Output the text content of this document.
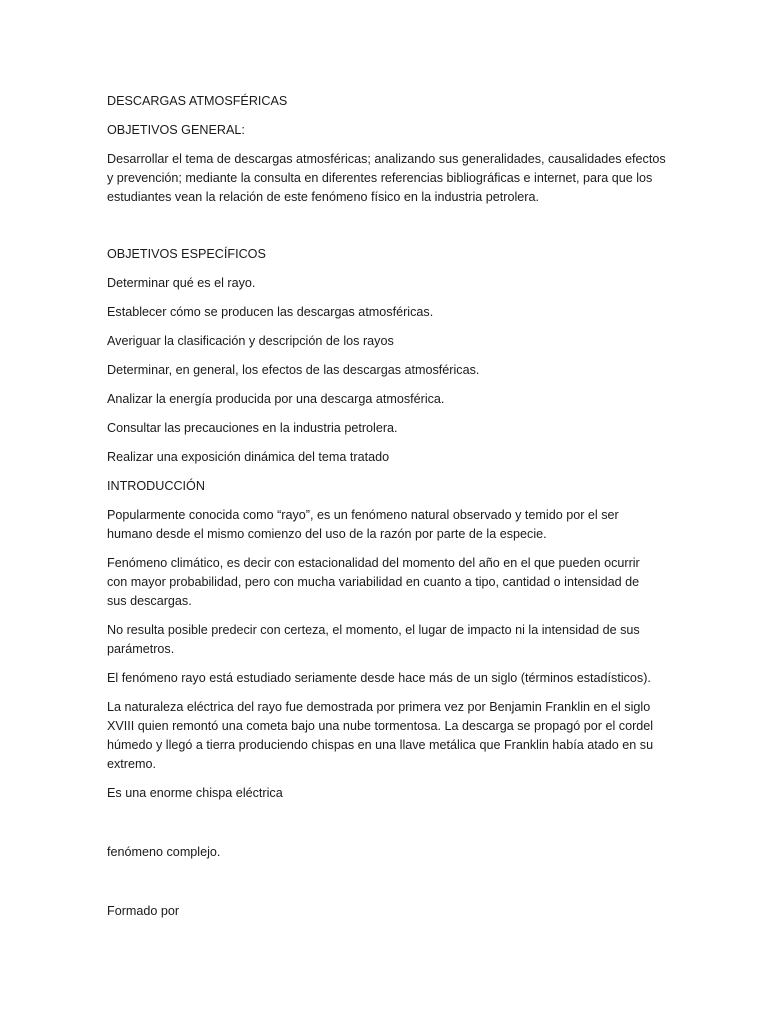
DESCARGAS ATMOSFÉRICAS

OBJETIVOS GENERAL:

Desarrollar el tema de descargas atmosféricas; analizando sus generalidades, causalidades efectos

y prevención; mediante la consulta en diferentes referencias bibliográficas e internet, para que los

estudiantes vean la relación de este fenómeno físico en la industria petrolera.

OBJETIVOS ESPECÍFICOS

Determinar qué es el rayo.

Establecer cómo se producen las descargas atmosféricas.

Averiguar la clasificación y descripción de los rayos

Determinar, en general, los efectos de las descargas atmosféricas.

Analizar la energía producida por una descarga atmosférica.

Consultar las precauciones en la industria petrolera.

Realizar una exposición dinámica del tema tratado

INTRODUCCIÓN

Popularmente conocida como “rayo”, es un fenómeno natural observado y temido por el ser

humano desde el mismo comienzo del uso de la razón por parte de la especie.

Fenómeno climático, es decir con estacionalidad del momento del año en el que pueden ocurrir

con mayor probabilidad, pero con mucha variabilidad en cuanto a tipo, cantidad o intensidad de

sus descargas.

No resulta posible predecir con certeza, el momento, el lugar de impacto ni la intensidad de sus

parámetros.

El fenómeno rayo está estudiado seriamente desde hace más de un siglo (términos estadísticos).

La naturaleza eléctrica del rayo fue demostrada por primera vez por Benjamin Franklin en el siglo

XVIII quien remontó una cometa bajo una nube tormentosa. La descarga se propagó por el cordel

húmedo y llegó a tierra produciendo chispas en una llave metálica que Franklin había atado en su

extremo.

Es una enorme chispa eléctrica

fenómeno complejo.

Formado por
